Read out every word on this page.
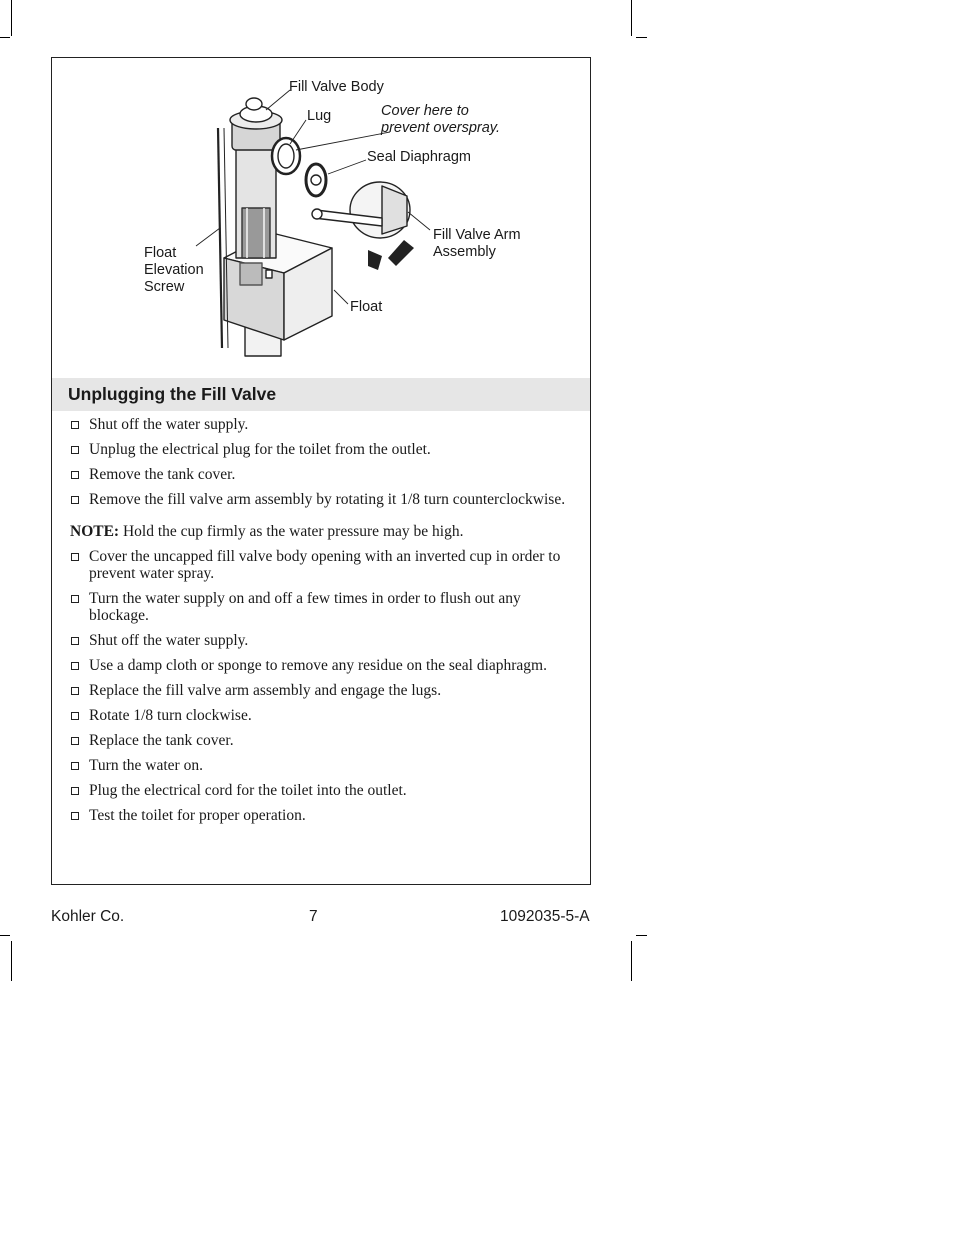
Fill Valve Body
Lug	Cover here to
prevent overspray.
Seal Diaphragm
Fill Valve Arm
Assembly
Float
Elevation
Screw
Float
Unplugging the Fill Valve
Shut off the water supply.
Unplug the electrical plug for the toilet from the outlet.
Remove the tank cover.
Remove the fill valve arm assembly by rotating it 1/8 turn counterclockwise.

NOTE: Hold the cup firmly as the water pressure may be high.

Cover the uncapped fill valve body opening with an inverted cup in order to prevent water spray.
Turn the water supply on and off a few times in order to flush out any blockage.
Shut off the water supply.
Use a damp cloth or sponge to remove any residue on the seal diaphragm.
Replace the fill valve arm assembly and engage the lugs.
Rotate 1/8 turn clockwise.
Replace the tank cover.
Turn the water on.
Plug the electrical cord for the toilet into the outlet.
Test the toilet for proper operation.
Kohler Co.	7	1092035-5-A
